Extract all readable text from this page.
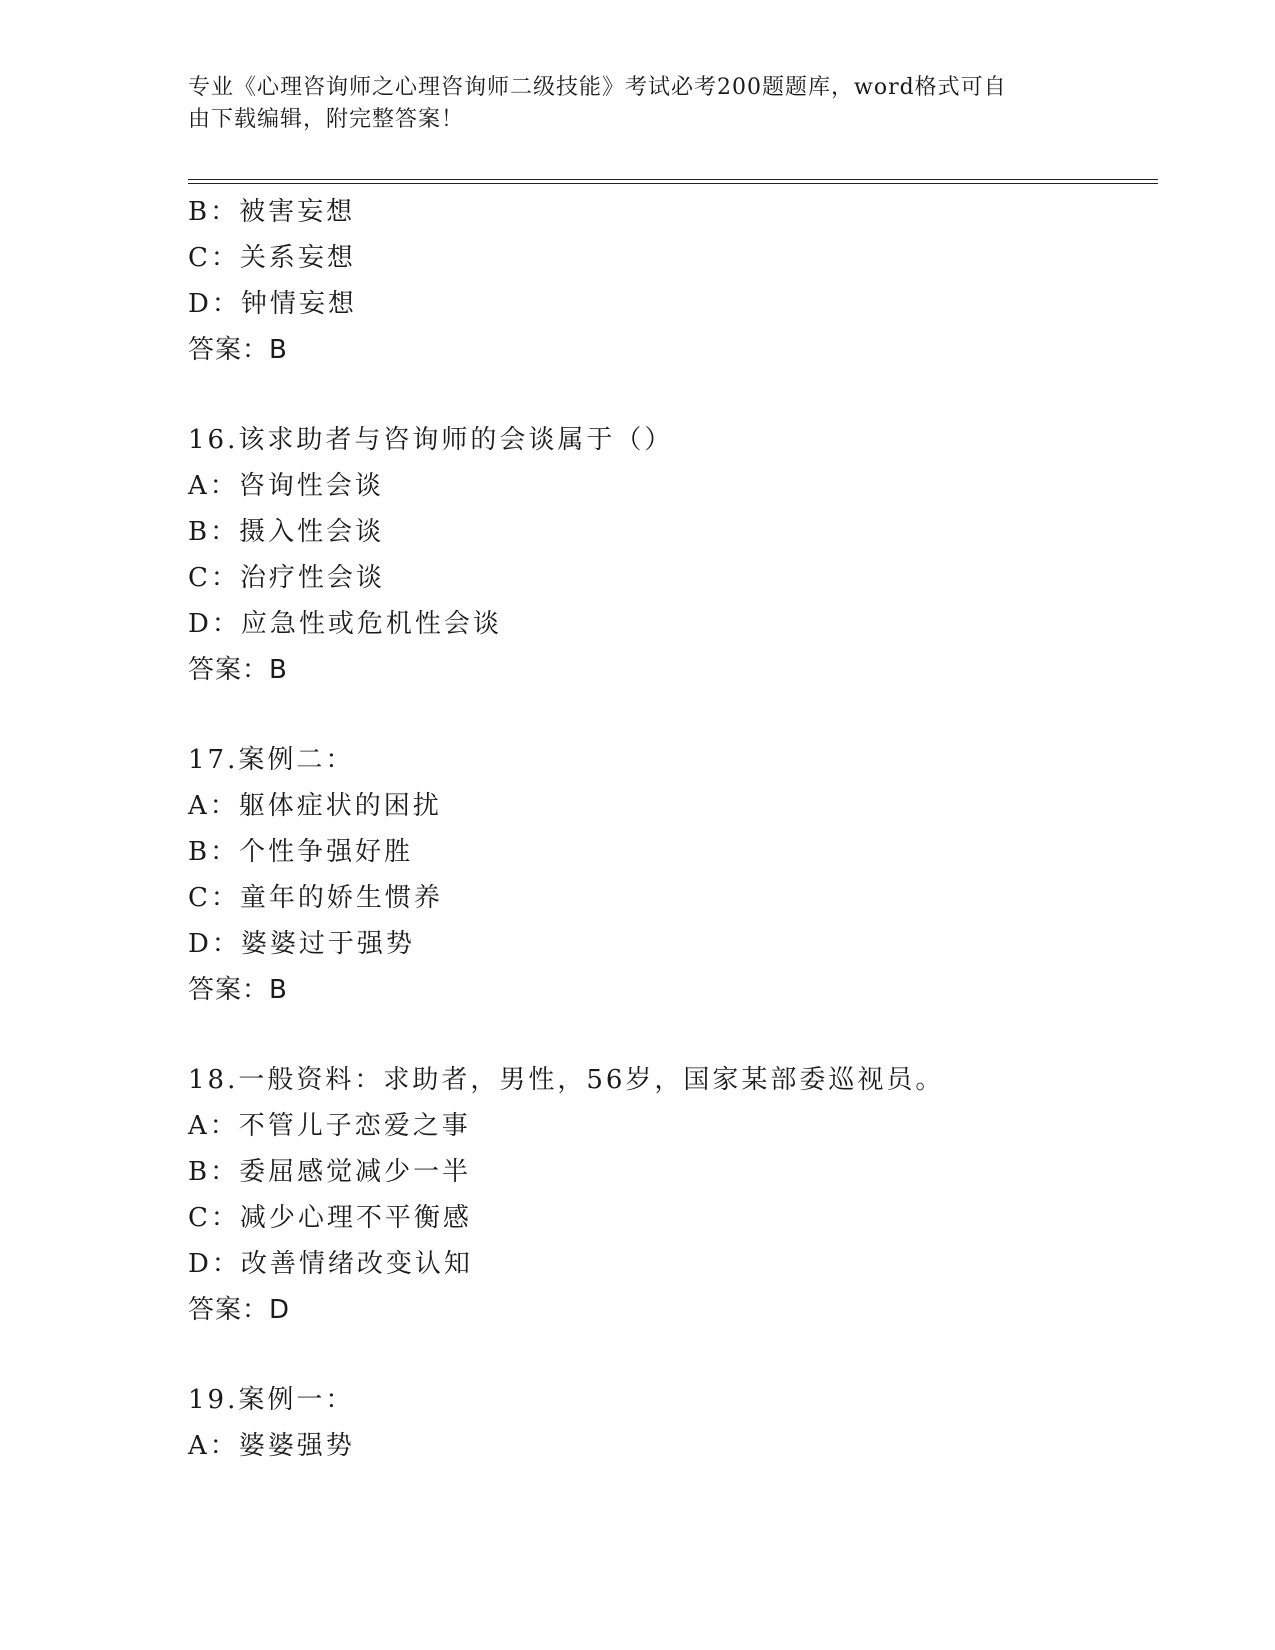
专业《心理咨询师之心理咨询师二级技能》考试必考200题题库，word格式可自
由下载编辑，附完整答案！
B：被害妄想
C：关系妄想
D：钟情妄想
答案：B
16.该求助者与咨询师的会谈属于（）
A：咨询性会谈
B：摄入性会谈
C：治疗性会谈
D：应急性或危机性会谈
答案：B
17.案例二：
A：躯体症状的困扰
B：个性争强好胜
C：童年的娇生惯养
D：婆婆过于强势
答案：B
18.一般资料：求助者，男性，56岁，国家某部委巡视员。
A：不管儿子恋爱之事
B：委屈感觉减少一半
C：减少心理不平衡感
D：改善情绪改变认知
答案：D
19.案例一：
A：婆婆强势
